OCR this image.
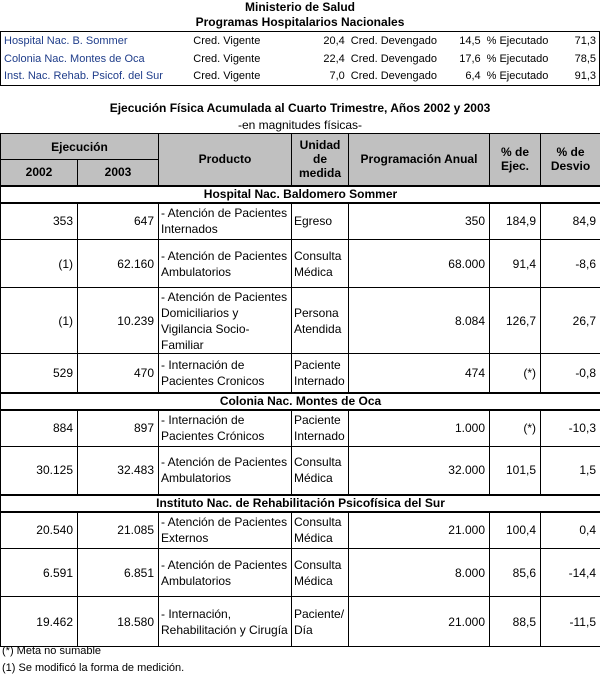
Ministerio de Salud
Programas Hospitalarios Nacionales
Hospital Nac. B. Sommer	Cred. Vigente	20,4	Cred. Devengado	14,5	% Ejecutado	71,3
Colonia Nac. Montes de Oca	Cred. Vigente	22,4	Cred. Devengado	17,6	% Ejecutado	78,5
Inst. Nac. Rehab. Psicof. del Sur	Cred. Vigente	7,0	Cred. Devengado	6,4	% Ejecutado	91,3
Ejecución Física Acumulada al Cuarto Trimestre, Años 2002 y 2003
-en magnitudes físicas-
Ejecución		Producto	Unidad de medida	Programación Anual	% de Ejec.	% de Desvio
2002	2003					
Hospital Nac. Baldomero Sommer						
353	647	- Atención de Pacientes Internados	Egreso	350	184,9	84,9
(1)	62.160	- Atención de Pacientes Ambulatorios	Consulta Médica	68.000	91,4	-8,6
(1)	10.239	- Atención de Pacientes Domiciliarios y Vigilancia Socio-Familiar	Persona Atendida	8.084	126,7	26,7
529	470	- Internación de Pacientes Cronicos	Paciente Internado	474	(*)	-0,8
Colonia Nac. Montes de Oca						
884	897	- Internación de Pacientes Crónicos	Paciente Internado	1.000	(*)	-10,3
30.125	32.483	- Atención de Pacientes Ambulatorios	Consulta Médica	32.000	101,5	1,5
Instituto Nac. de Rehabilitación Psicofísica del Sur						
20.540	21.085	- Atención de Pacientes Externos	Consulta Médica	21.000	100,4	0,4
6.591	6.851	- Atención de Pacientes Ambulatorios	Consulta Médica	8.000	85,6	-14,4
19.462	18.580	- Internación, Rehabilitación y Cirugía	Paciente/ Día	21.000	88,5	-11,5
(*) Meta no sumable
(1) Se modificó la forma de medición.
